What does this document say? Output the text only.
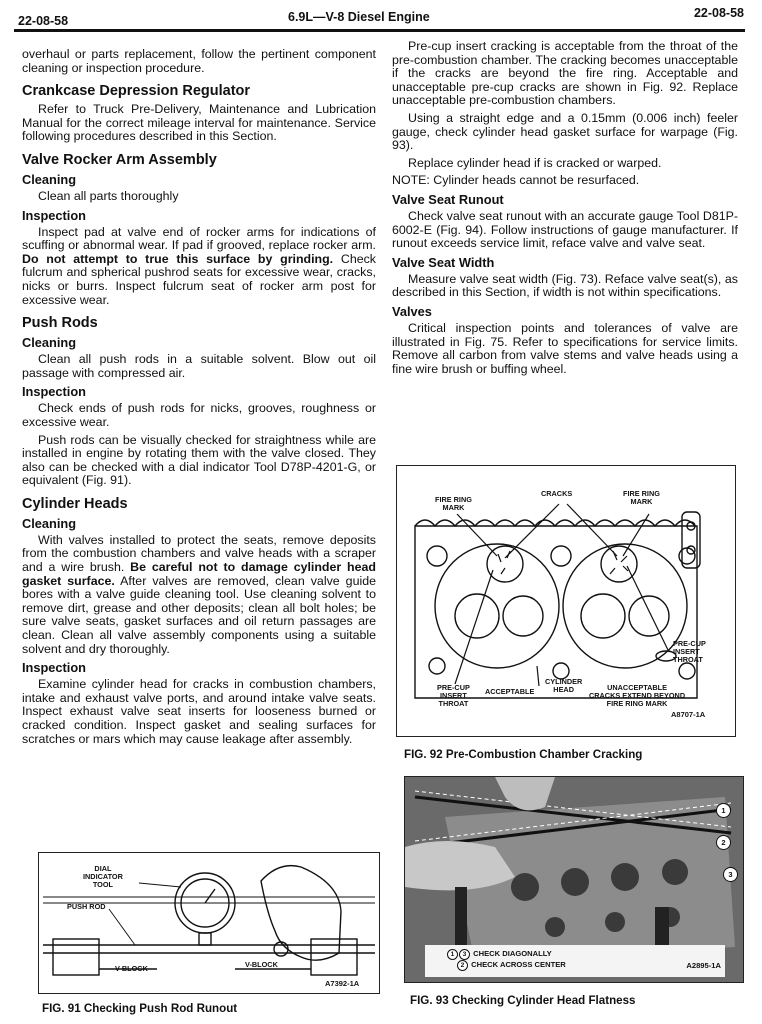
22-08-58	6.9L—V-8 Diesel Engine	22-08-58

overhaul or parts replacement, follow the pertinent component cleaning or inspection procedure.

Crankcase Depression Regulator

Refer to Truck Pre-Delivery, Maintenance and Lubrication Manual for the correct mileage interval for maintenance. Service following procedures described in this Section.

Valve Rocker Arm Assembly
Cleaning

Clean all parts thoroughly

Inspection

Inspect pad at valve end of rocker arms for indications of scuffing or abnormal wear. If pad if grooved, replace rocker arm. Do not attempt to true this surface by grinding. Check fulcrum and spherical pushrod seats for excessive wear, cracks, nicks or burrs. Inspect fulcrum seat of rocker arm post for excessive wear.

Push Rods
Cleaning

Clean all push rods in a suitable solvent. Blow out oil passage with compressed air.

Inspection

Check ends of push rods for nicks, grooves, roughness or excessive wear.

Push rods can be visually checked for straightness while are installed in engine by rotating them with the valve closed. They also can be checked with a dial indicator Tool D78P-4201-G, or equivalent (Fig. 91).

Cylinder Heads
Cleaning

With valves installed to protect the seats, remove deposits from the combustion chambers and valve heads with a scraper and a wire brush. Be careful not to damage cylinder head gasket surface. After valves are removed, clean valve guide bores with a valve guide cleaning tool. Use cleaning solvent to remove dirt, grease and other deposits; clean all bolt holes; be sure valve seats, gasket surfaces and oil return passages are clean. Clean all valve assembly components using a suitable solvent and dry thoroughly.

Inspection

Examine cylinder head for cracks in combustion chambers, intake and exhaust valve ports, and around intake valve seats. Inspect exhaust valve seat inserts for looseness burned or cracked condition. Inspect gasket and sealing surfaces for scratches or mars which may cause leakage after assembly.

Pre-cup insert cracking is acceptable from the throat of the pre-combustion chamber. The cracking becomes unacceptable if the cracks are beyond the fire ring. Acceptable and unacceptable pre-cup cracks are shown in Fig. 92. Replace unacceptable pre-combustion chambers.

Using a straight edge and a 0.15mm (0.006 inch) feeler gauge, check cylinder head gasket surface for warpage (Fig. 93).

Replace cylinder head if is cracked or warped.

NOTE: Cylinder heads cannot be resurfaced.

Valve Seat Runout

Check valve seat runout with an accurate gauge Tool D81P-6002-E (Fig. 94). Follow instructions of gauge manufacturer. If runout exceeds service limit, reface valve and valve seat.

Valve Seat Width

Measure valve seat width (Fig. 73). Reface valve seat(s), as described in this Section, if width is not within specifications.

Valves

Critical inspection points and tolerances of valve are illustrated in Fig. 75. Refer to specifications for service limits. Remove all carbon from valve stems and valve heads using a fine wire brush or buffing wheel.

FIRE RING
MARK
CRACKS	FIRE RING
MARK
PRE-CUP
INSERT
THROAT
PRE-CUP
INSERT
THROAT
ACCEPTABLE
CYLINDER
HEAD	UNACCEPTABLE
CRACKS EXTEND BEYOND
FIRE RING MARK
A8707-1A
FIG. 92 Pre-Combustion Chamber Cracking
1
2
3
1 3 CHECK DIAGONALLY
2 CHECK ACROSS CENTER	A2895-1A
FIG. 93 Checking Cylinder Head Flatness
DIAL
INDICATOR
TOOL
PUSH ROD
V-BLOCK	V-BLOCK
A7392-1A
FIG. 91 Checking Push Rod Runout
